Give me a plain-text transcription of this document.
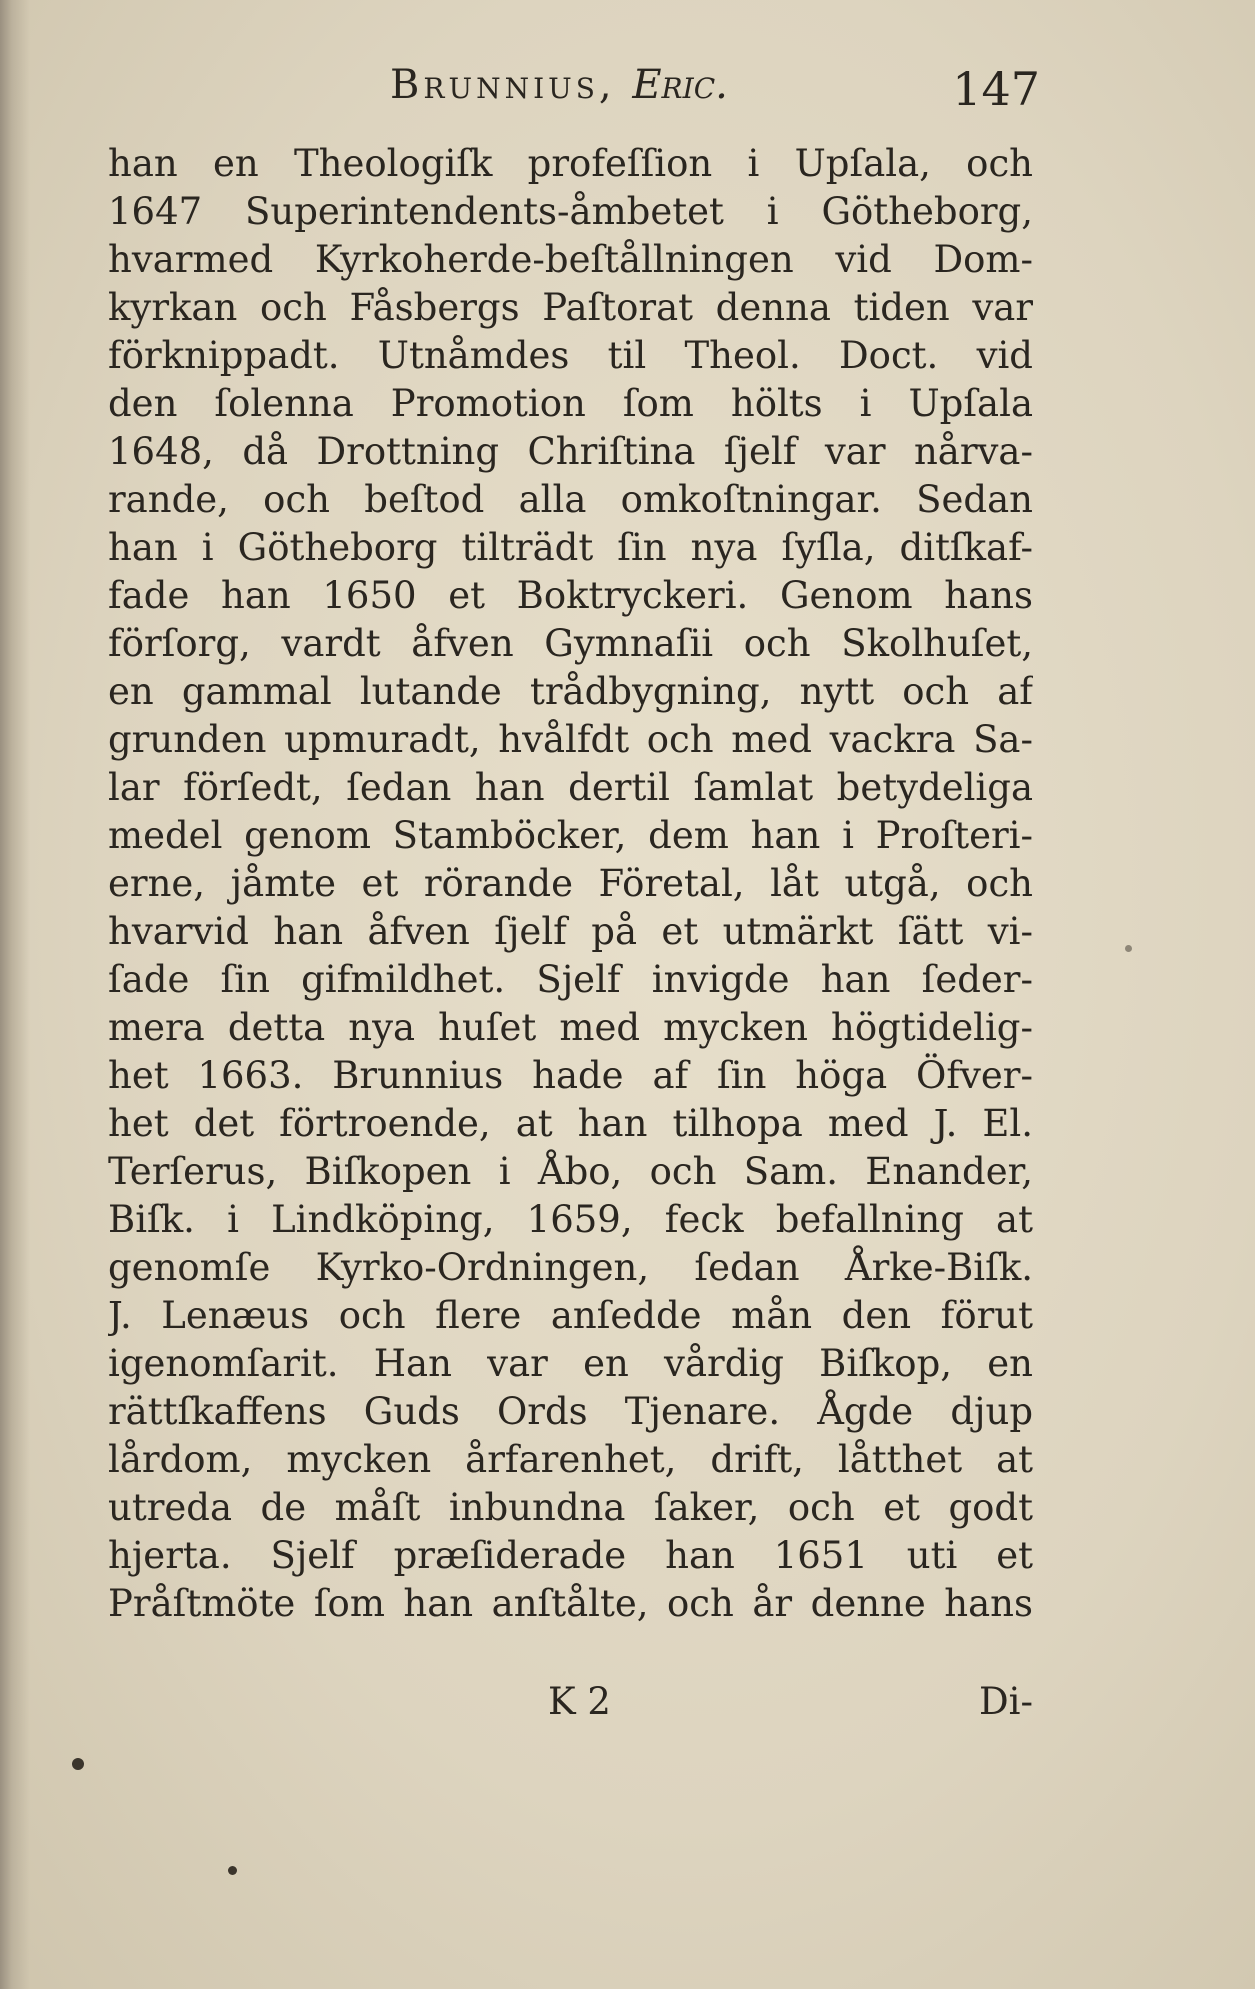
Brunnius, Eric.	147
han en Theologiſk profeſſion i Upſala, och
1647 Superintendents-åmbetet i Götheborg,
hvarmed Kyrkoherde-beſtållningen vid Dom-
kyrkan och Fåsbergs Paſtorat denna tiden var
förknippadt. Utnåmdes til Theol. Doct. vid
den ſolenna Promotion ſom hölts i Upſala
1648, då Drottning Chriſtina ſjelf var nårva-
rande, och beſtod alla omkoſtningar. Sedan
han i Götheborg tilträdt ſin nya ſyſla, ditſkaf-
fade han 1650 et Boktryckeri. Genom hans
förſorg, vardt åfven Gymnaſii och Skolhuſet,
en gammal lutande trådbygning, nytt och af
grunden upmuradt, hvålfdt och med vackra Sa-
lar förſedt, ſedan han dertil ſamlat betydeliga
medel genom Stamböcker, dem han i Proſteri-
erne, jåmte et rörande Företal, låt utgå, och
hvarvid han åfven ſjelf på et utmärkt ſätt vi-
ſade ſin gifmildhet. Sjelf invigde han ſeder-
mera detta nya huſet med mycken högtidelig-
het 1663. Brunnius hade af ſin höga Öfver-
het det förtroende, at han tilhopa med J. El.
Terſerus, Biſkopen i Åbo, och Sam. Enander,
Biſk. i Lindköping, 1659, feck befallning at
genomſe Kyrko-Ordningen, ſedan Årke-Biſk.
J. Lenæus och flere anſedde mån den förut
igenomſarit. Han var en vårdig Biſkop, en
rättſkaffens Guds Ords Tjenare. Ågde djup
lårdom, mycken årfarenhet, drift, låtthet at
utreda de måſt inbundna ſaker, och et godt
hjerta. Sjelf præſiderade han 1651 uti et
Pråſtmöte ſom han anſtålte, och år denne hans
K 2	Di-
